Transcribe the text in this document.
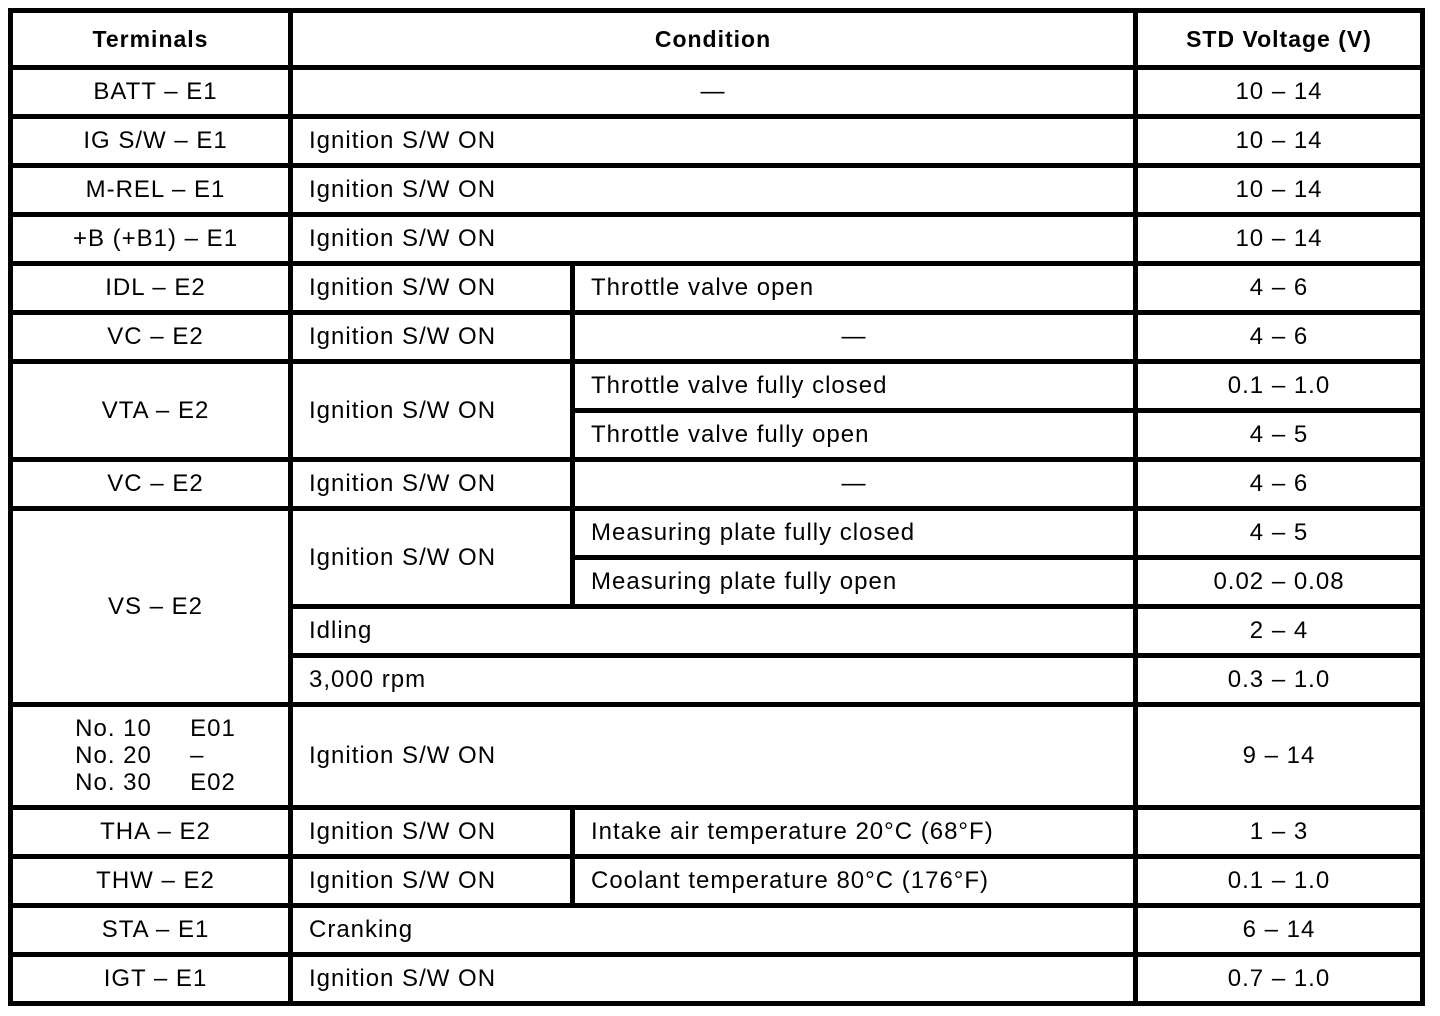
Terminals	Condition		STD Voltage (V)
BATT – E1	—		10 – 14
IG S/W – E1	Ignition S/W ON		10 – 14
M-REL – E1	Ignition S/W ON		10 – 14
+B (+B1) – E1	Ignition S/W ON		10 – 14
IDL – E2	Ignition S/W ON	Throttle valve open	4 – 6
VC – E2	Ignition S/W ON	—	4 – 6
VTA – E2	Ignition S/W ON	Throttle valve fully closed	0.1 – 1.0
		Throttle valve fully open	4 – 5
VC – E2	Ignition S/W ON	—	4 – 6
VS – E2	Ignition S/W ON	Measuring plate fully closed	4 – 5
		Measuring plate fully open	0.02 – 0.08
	Idling		2 – 4
	3,000 rpm		0.3 – 1.0

No. 10 E01
No. 20 –
No. 30 E02	Ignition S/W ON		9 – 14
THA – E2	Ignition S/W ON	Intake air temperature 20°C (68°F)	1 – 3
THW – E2	Ignition S/W ON	Coolant temperature 80°C (176°F)	0.1 – 1.0
STA – E1	Cranking		6 – 14
IGT – E1	Ignition S/W ON		0.7 – 1.0
